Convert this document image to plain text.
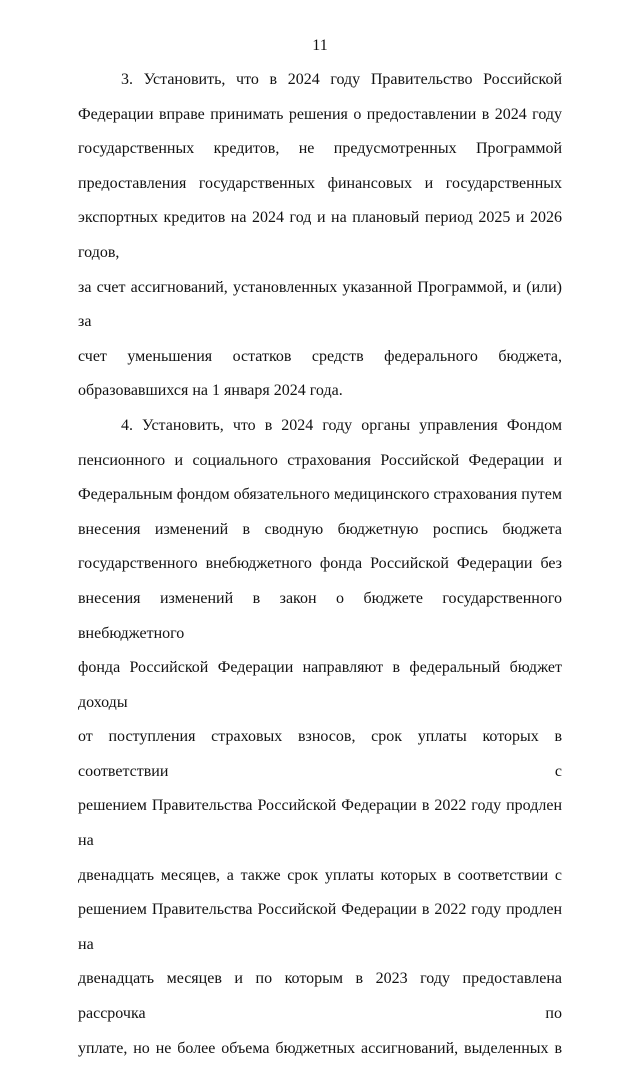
11
3. Установить, что в 2024 году Правительство Российской
Федерации вправе принимать решения о предоставлении в 2024 году
государственных кредитов, не предусмотренных Программой
предоставления государственных финансовых и государственных
экспортных кредитов на 2024 год и на плановый период 2025 и 2026 годов,
за счет ассигнований, установленных указанной Программой, и (или) за
счет уменьшения остатков средств федерального бюджета,
образовавшихся на 1 января 2024 года.
4. Установить, что в 2024 году органы управления Фондом
пенсионного и социального страхования Российской Федерации и
Федеральным фондом обязательного медицинского страхования путем
внесения изменений в сводную бюджетную роспись бюджета
государственного внебюджетного фонда Российской Федерации без
внесения изменений в закон о бюджете государственного внебюджетного
фонда Российской Федерации направляют в федеральный бюджет доходы
от поступления страховых взносов, срок уплаты которых в соответствии с
решением Правительства Российской Федерации в 2022 году продлен на
двенадцать месяцев, а также срок уплаты которых в соответствии с
решением Правительства Российской Федерации в 2022 году продлен на
двенадцать месяцев и по которым в 2023 году предоставлена рассрочка по
уплате, но не более объема бюджетных ассигнований, выделенных в
